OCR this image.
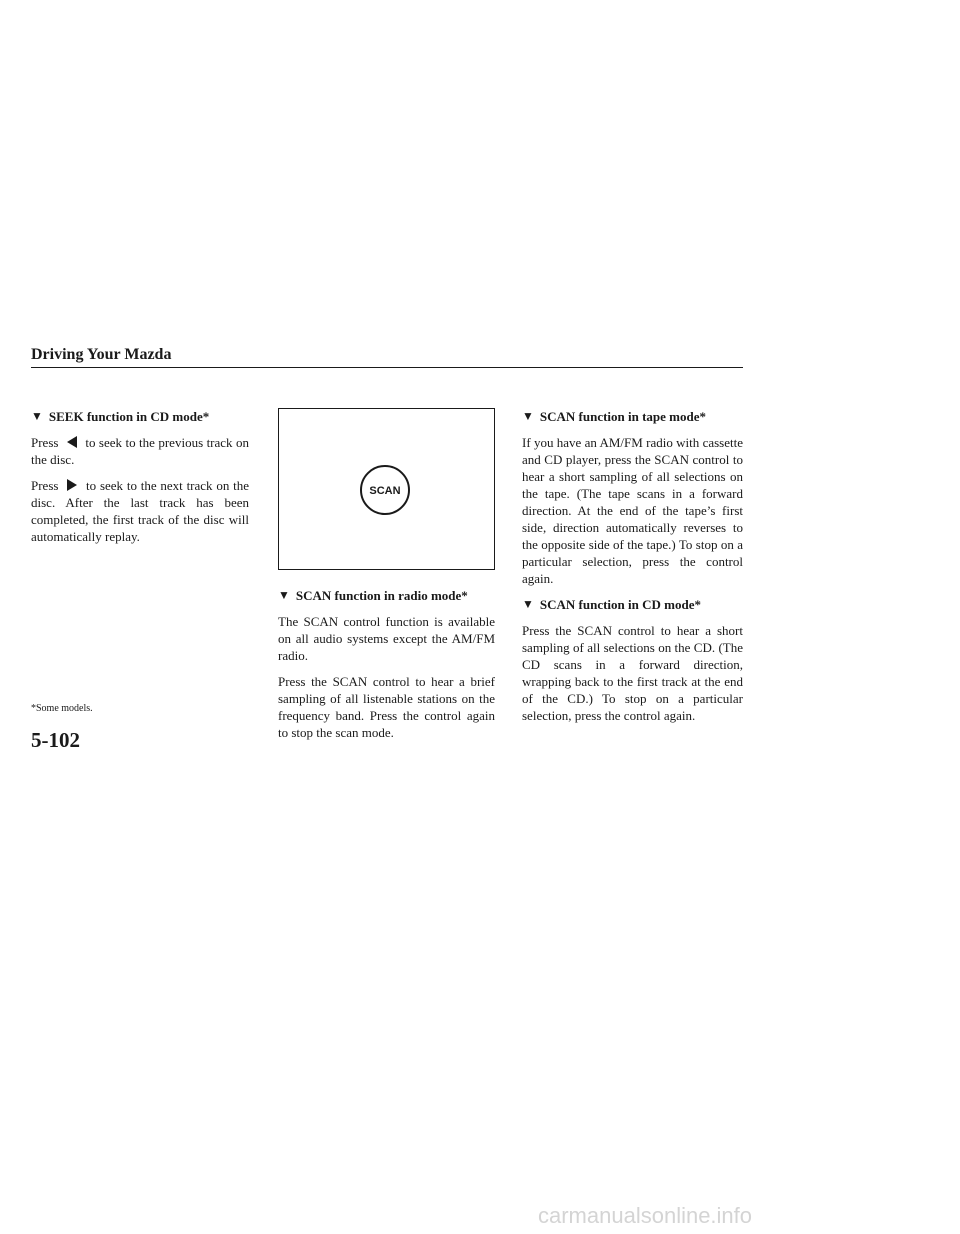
Driving Your Mazda
▼ SEEK function in CD mode*

Press to seek to the previous track on the disc.

Press to seek to the next track on the disc. After the last track has been completed, the first track of the disc will automatically replay.

*Some models.
5-102
SCAN
▼ SCAN function in radio mode*

The SCAN control function is available on all audio systems except the AM/FM radio.

Press the SCAN control to hear a brief sampling of all listenable stations on the frequency band. Press the control again to stop the scan mode.

▼ SCAN function in tape mode*

If you have an AM/FM radio with cassette and CD player, press the SCAN control to hear a short sampling of all selections on the tape. (The tape scans in a forward direction. At the end of the tape’s first side, direction automatically reverses to the opposite side of the tape.) To stop on a particular selection, press the control again.

▼ SCAN function in CD mode*

Press the SCAN control to hear a short sampling of all selections on the CD. (The CD scans in a forward direction, wrapping back to the first track at the end of the CD.) To stop on a particular selection, press the control again.

carmanualsonline.info
